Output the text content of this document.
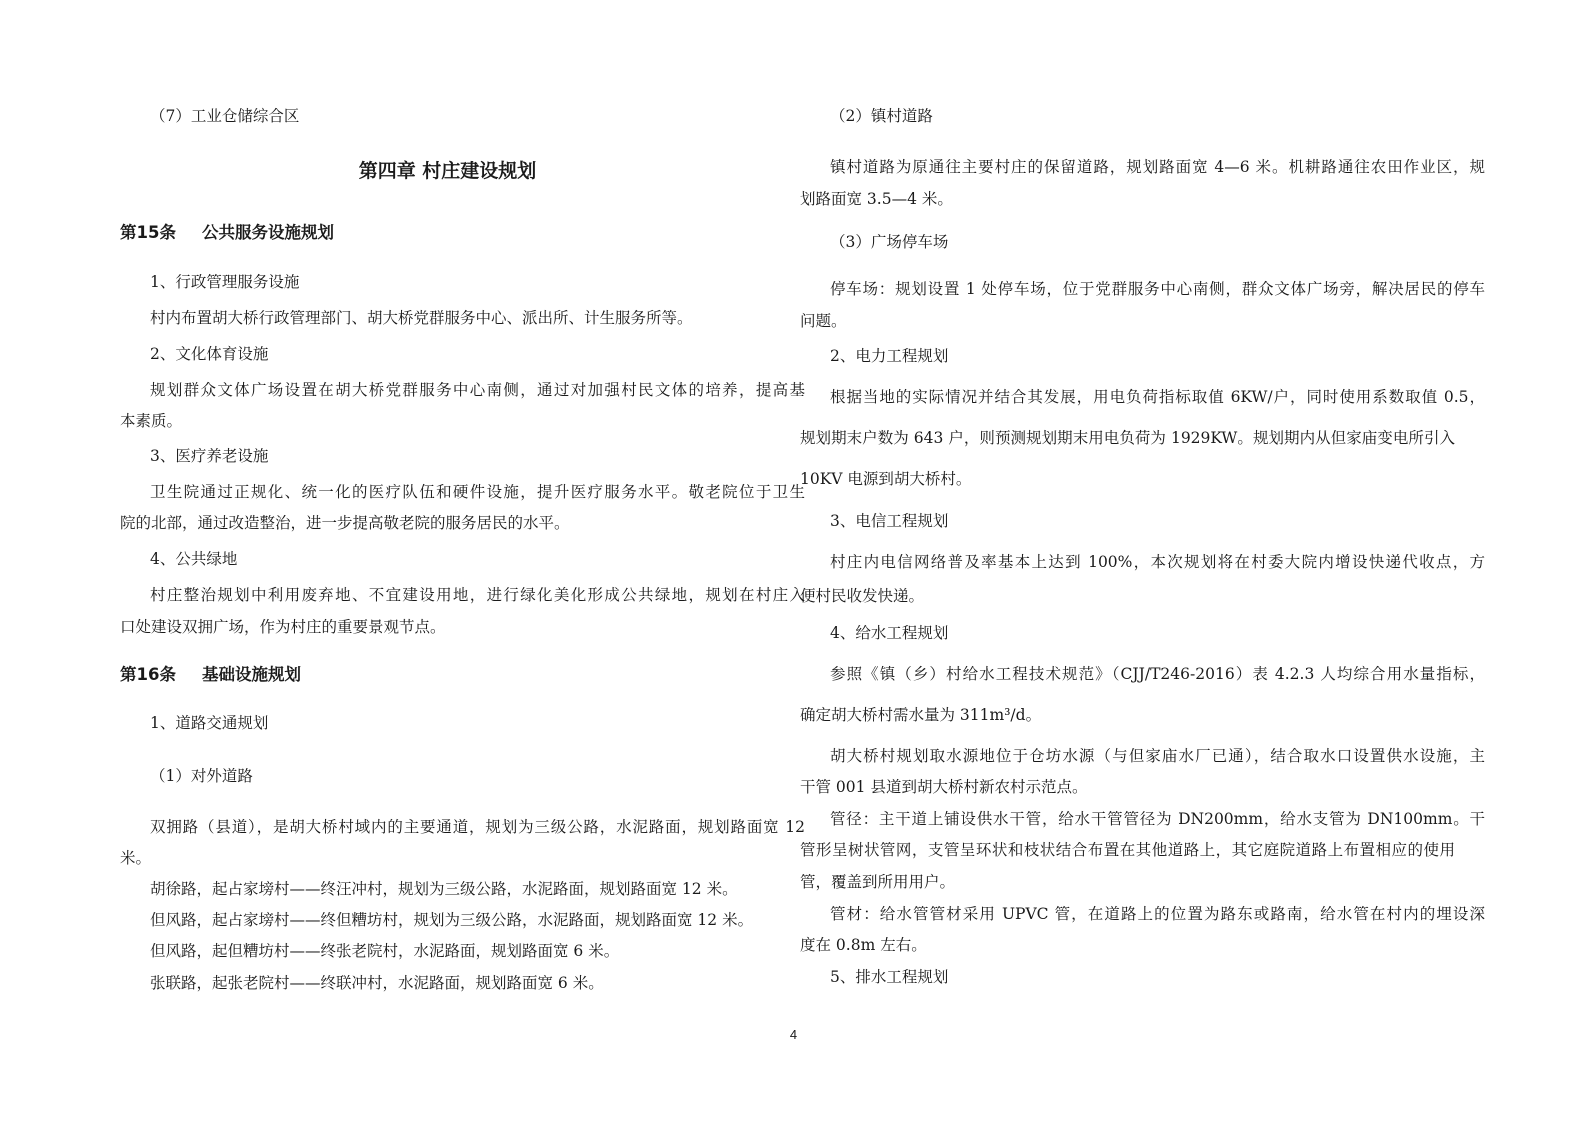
（7）工业仓储综合区
第四章 村庄建设规划
第15条 公共服务设施规划
1、行政管理服务设施
村内布置胡大桥行政管理部门、胡大桥党群服务中心、派出所、计生服务所等。
2、文化体育设施
规划群众文体广场设置在胡大桥党群服务中心南侧，通过对加强村民文体的培养，提高基
本素质。
3、医疗养老设施
卫生院通过正规化、统一化的医疗队伍和硬件设施，提升医疗服务水平。敬老院位于卫生
院的北部，通过改造整治，进一步提高敬老院的服务居民的水平。
4、公共绿地
村庄整治规划中利用废弃地、不宜建设用地，进行绿化美化形成公共绿地，规划在村庄入
口处建设双拥广场，作为村庄的重要景观节点。
第16条 基础设施规划
1、道路交通规划
（1）对外道路
双拥路（县道），是胡大桥村域内的主要通道，规划为三级公路，水泥路面，规划路面宽 12
米。
胡徐路，起占家塝村——终汪冲村，规划为三级公路，水泥路面，规划路面宽 12 米。
但风路，起占家塝村——终但糟坊村，规划为三级公路，水泥路面，规划路面宽 12 米。
但风路，起但糟坊村——终张老院村，水泥路面，规划路面宽 6 米。
张联路，起张老院村——终联冲村，水泥路面，规划路面宽 6 米。
（2）镇村道路
镇村道路为原通往主要村庄的保留道路，规划路面宽 4—6 米。机耕路通往农田作业区，规
划路面宽 3.5—4 米。
（3）广场停车场
停车场：规划设置 1 处停车场，位于党群服务中心南侧，群众文体广场旁，解决居民的停车
问题。
2、电力工程规划
根据当地的实际情况并结合其发展，用电负荷指标取值 6KW/户，同时使用系数取值 0.5，
规划期末户数为 643 户，则预测规划期末用电负荷为 1929KW。规划期内从但家庙变电所引入
10KV 电源到胡大桥村。
3、电信工程规划
村庄内电信网络普及率基本上达到 100%，本次规划将在村委大院内增设快递代收点，方
便村民收发快递。
4、给水工程规划
参照《镇（乡）村给水工程技术规范》（CJJ/T246-2016）表 4.2.3 人均综合用水量指标，
确定胡大桥村需水量为 311m³/d。
胡大桥村规划取水源地位于仓坊水源（与但家庙水厂已通），结合取水口设置供水设施，主
干管 001 县道到胡大桥村新农村示范点。
管径：主干道上铺设供水干管，给水干管管径为 DN200mm，给水支管为 DN100mm。干
管形呈树状管网，支管呈环状和枝状结合布置在其他道路上，其它庭院道路上布置相应的使用
管，覆盖到所用用户。
管材：给水管管材采用 UPVC 管，在道路上的位置为路东或路南，给水管在村内的埋设深
度在 0.8m 左右。
5、排水工程规划
4
